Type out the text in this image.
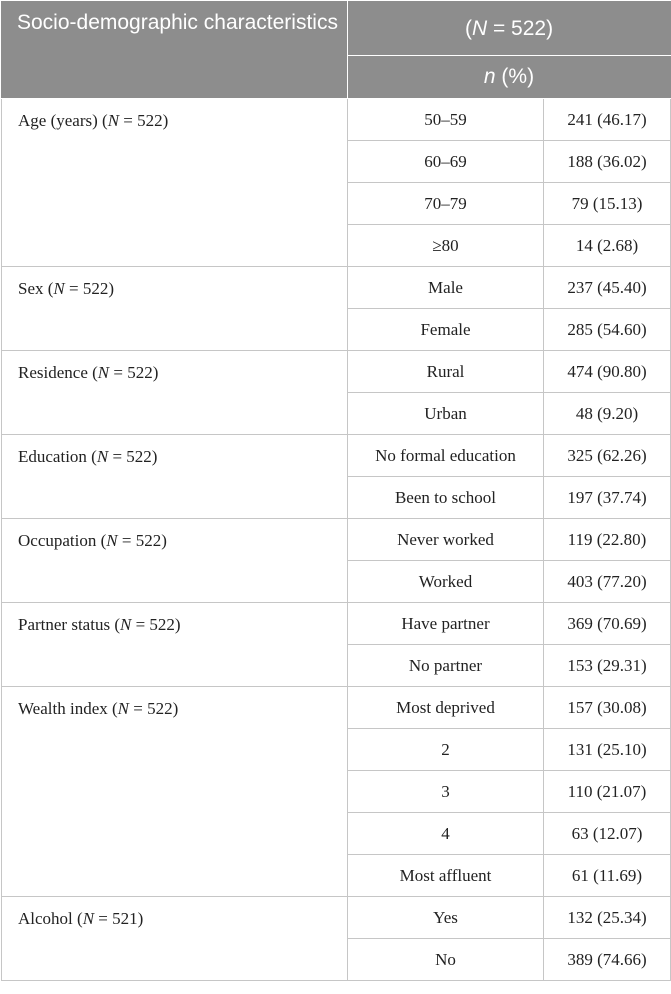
Socio-demographic characteristics	(N = 522)	
	n (%)	
Age (years) (N = 522)	50–59	241 (46.17)
	60–69	188 (36.02)
	70–79	79 (15.13)
	≥80	14 (2.68)
Sex (N = 522)	Male	237 (45.40)
	Female	285 (54.60)
Residence (N = 522)	Rural	474 (90.80)
	Urban	48 (9.20)
Education (N = 522)	No formal education	325 (62.26)
	Been to school	197 (37.74)
Occupation (N = 522)	Never worked	119 (22.80)
	Worked	403 (77.20)
Partner status (N = 522)	Have partner	369 (70.69)
	No partner	153 (29.31)
Wealth index (N = 522)	Most deprived	157 (30.08)
	2	131 (25.10)
	3	110 (21.07)
	4	63 (12.07)
	Most affluent	61 (11.69)
Alcohol (N = 521)	Yes	132 (25.34)
	No	389 (74.66)
